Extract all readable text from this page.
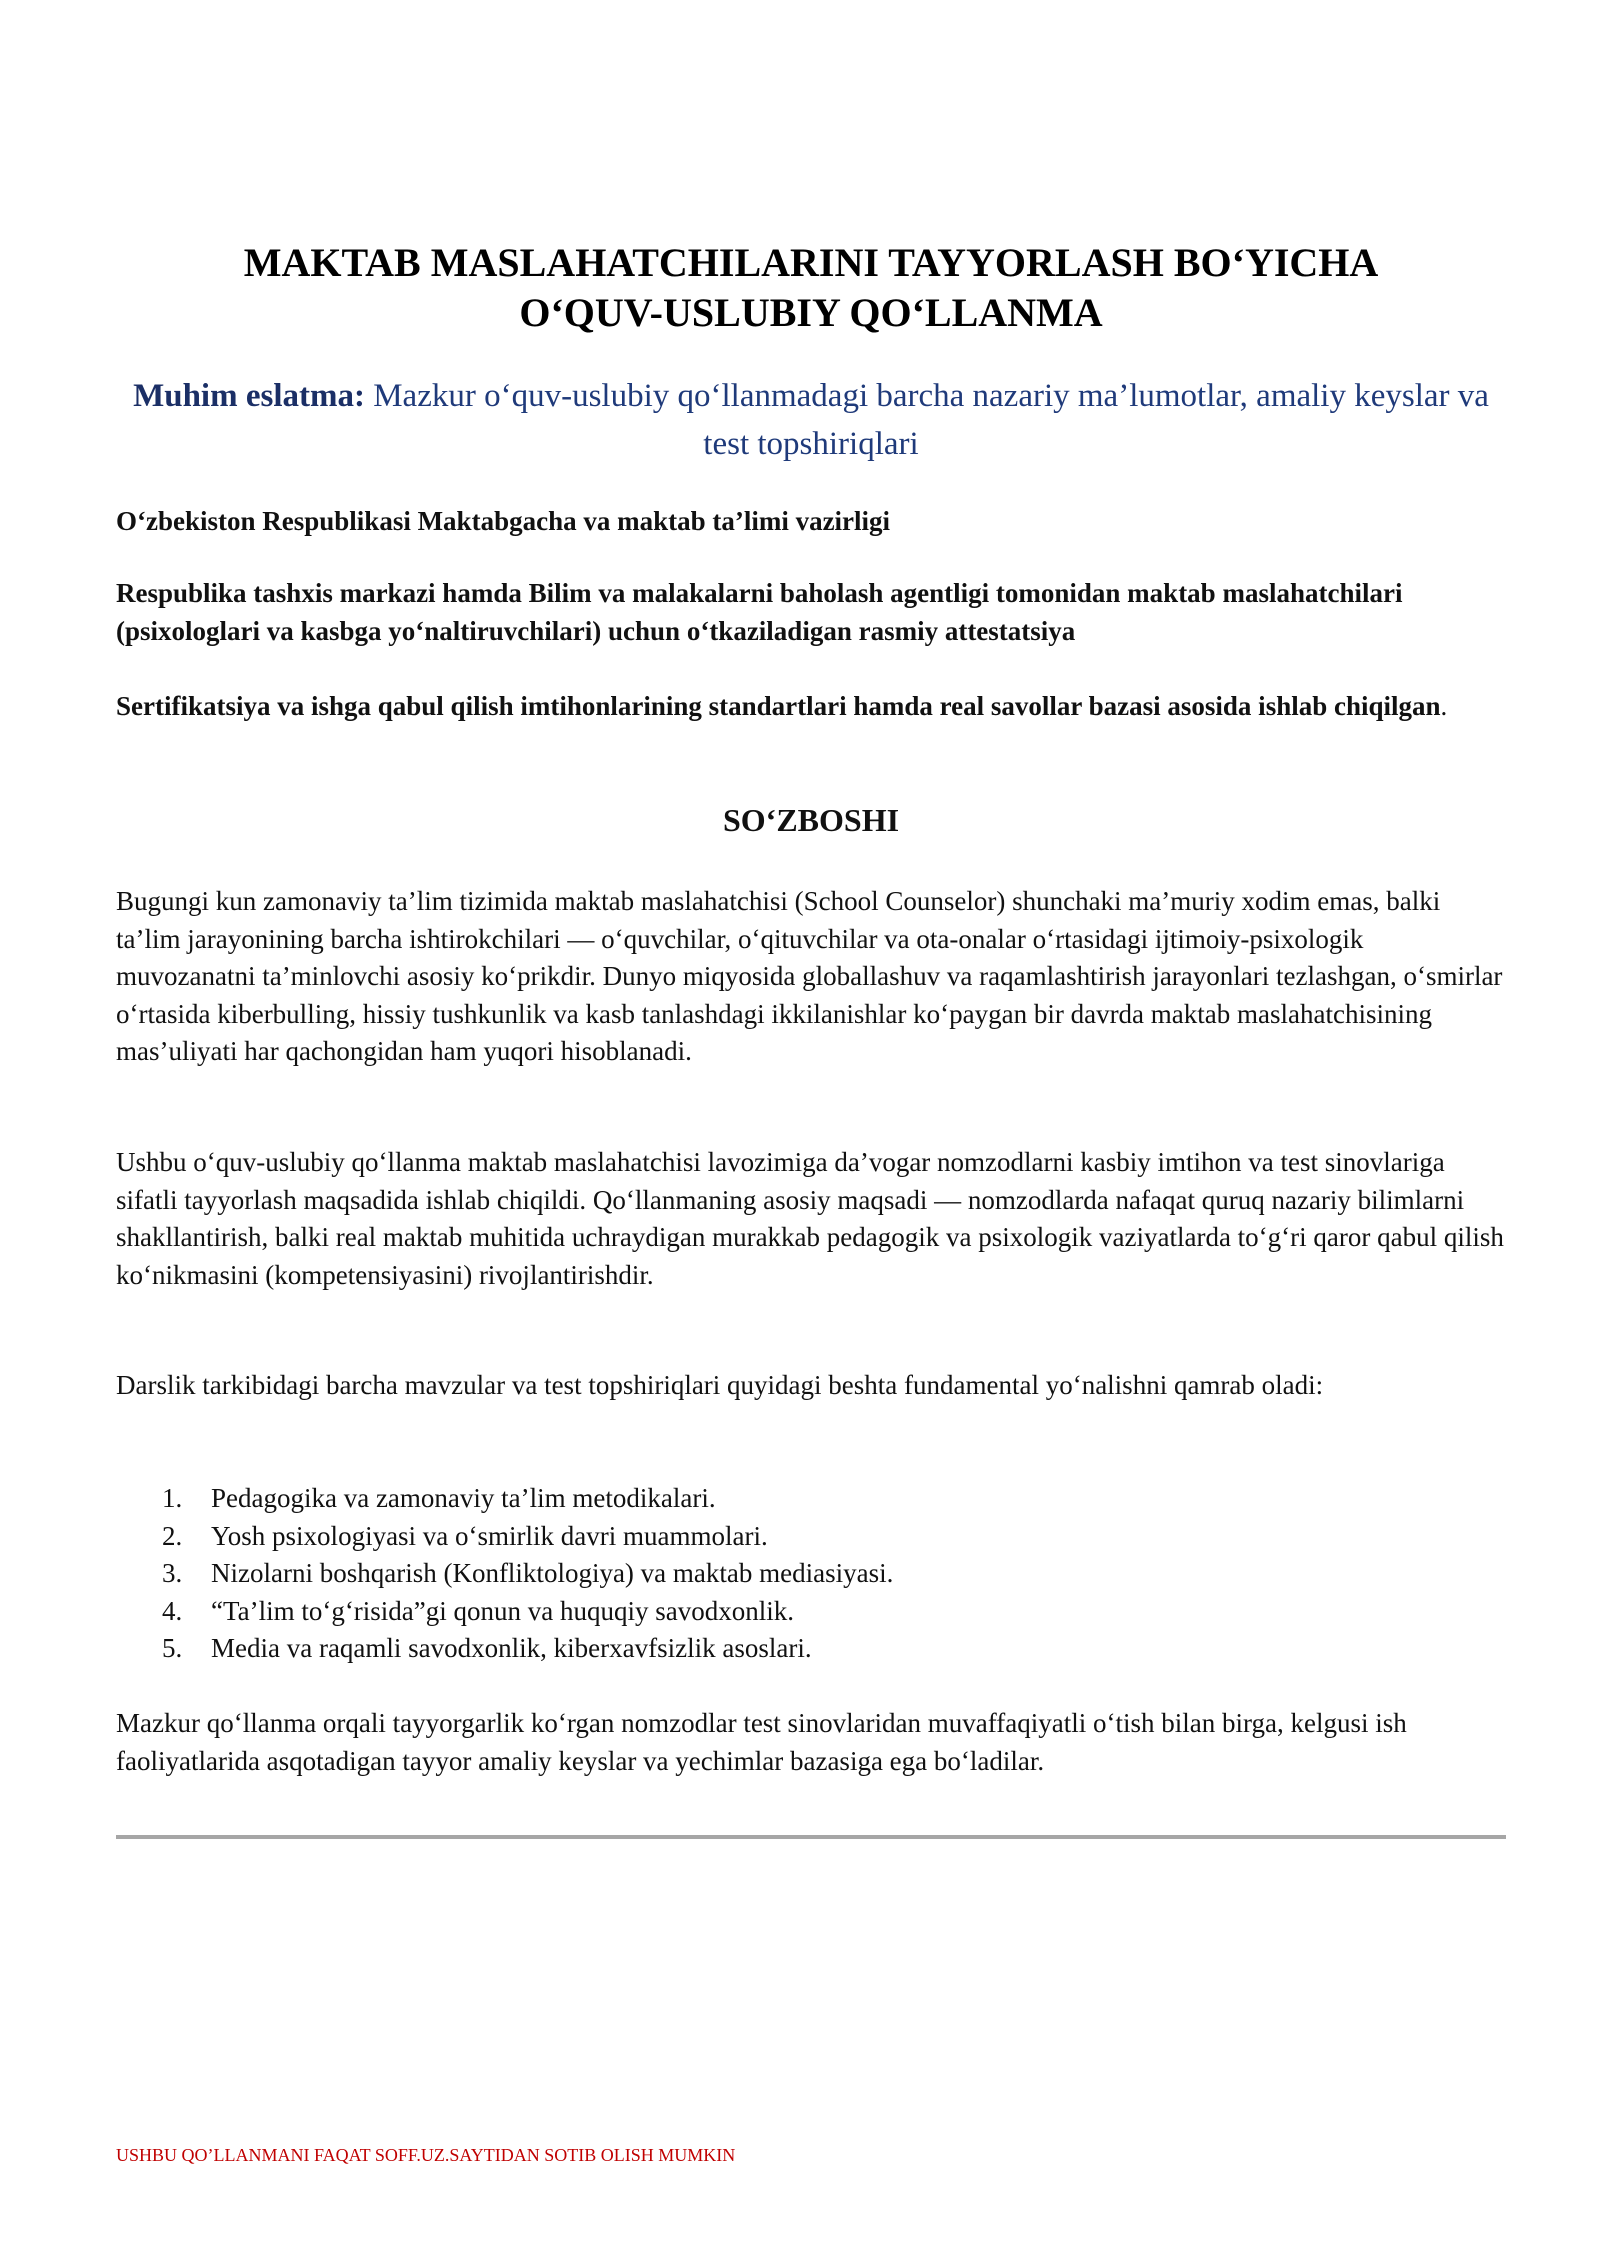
MAKTAB MASLAHATCHILARINI TAYYORLASH BO‘YICHA
O‘QUV-USLUBIY QO‘LLANMA
Muhim eslatma: Mazkur o‘quv-uslubiy qo‘llanmadagi barcha nazariy ma’lumotlar, amaliy keyslar va test topshiriqlari

O‘zbekiston Respublikasi Maktabgacha va maktab ta’limi vazirligi

Respublika tashxis markazi hamda Bilim va malakalarni baholash agentligi tomonidan maktab maslahatchilari (psixologlari va kasbga yo‘naltiruvchilari) uchun o‘tkaziladigan rasmiy attestatsiya

Sertifikatsiya va ishga qabul qilish imtihonlarining standartlari hamda real savollar bazasi asosida ishlab chiqilgan.

SO‘ZBOSHI

Bugungi kun zamonaviy ta’lim tizimida maktab maslahatchisi (School Counselor) shunchaki ma’muriy xodim emas, balki ta’lim jarayonining barcha ishtirokchilari — o‘quvchilar, o‘qituvchilar va ota-onalar o‘rtasidagi ijtimoiy-psixologik muvozanatni ta’minlovchi asosiy ko‘prikdir. Dunyo miqyosida globallashuv va raqamlashtirish jarayonlari tezlashgan, o‘smirlar o‘rtasida kiberbulling, hissiy tushkunlik va kasb tanlashdagi ikkilanishlar ko‘paygan bir davrda maktab maslahatchisining mas’uliyati har qachongidan ham yuqori hisoblanadi.

Ushbu o‘quv-uslubiy qo‘llanma maktab maslahatchisi lavozimiga da’vogar nomzodlarni kasbiy imtihon va test sinovlariga sifatli tayyorlash maqsadida ishlab chiqildi. Qo‘llanmaning asosiy maqsadi — nomzodlarda nafaqat quruq nazariy bilimlarni shakllantirish, balki real maktab muhitida uchraydigan murakkab pedagogik va psixologik vaziyatlarda to‘g‘ri qaror qabul qilish ko‘nikmasini (kompetensiyasini) rivojlantirishdir.

Darslik tarkibidagi barcha mavzular va test topshiriqlari quyidagi beshta fundamental yo‘nalishni qamrab oladi:

1. Pedagogika va zamonaviy ta’lim metodikalari.
2. Yosh psixologiyasi va o‘smirlik davri muammolari.
3. Nizolarni boshqarish (Konfliktologiya) va maktab mediasiyasi.
4. “Ta’lim to‘g‘risida”gi qonun va huquqiy savodxonlik.
5. Media va raqamli savodxonlik, kiberxavfsizlik asoslari.

Mazkur qo‘llanma orqali tayyorgarlik ko‘rgan nomzodlar test sinovlaridan muvaffaqiyatli o‘tish bilan birga, kelgusi ish faoliyatlarida asqotadigan tayyor amaliy keyslar va yechimlar bazasiga ega bo‘ladilar.

USHBU QO’LLANMANI FAQAT SOFF.UZ.SAYTIDAN SOTIB OLISH MUMKIN
